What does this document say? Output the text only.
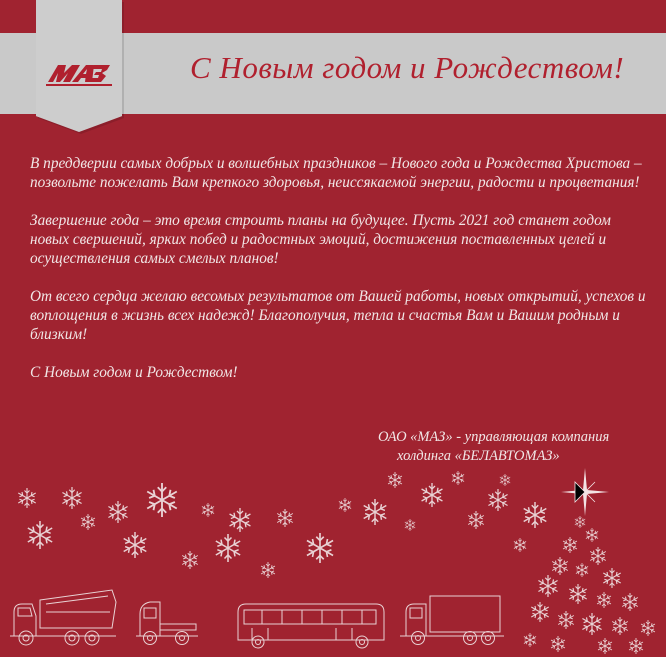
С Новым годом и Рождеством!

В преддверии самых добрых и волшебных праздников – Нового года и Рождества Христова – позвольте пожелать Вам крепкого здоровья, неиссякаемой энергии, радости и процветания!

Завершение года – это время строить планы на будущее. Пусть 2021 год станет годом новых свершений, ярких побед и радостных эмоций, достижения поставленных целей и осуществления самых смелых планов!

От всего сердца желаю весомых результатов от Вашей работы, новых открытий, успехов и воплощения в жизнь всех надежд! Благополучия, тепла и счастья Вам и Вашим родным и близким!

С Новым годом и Рождеством!

ОАО «МАЗ» - управляющая компания
холдинга «БЕЛАВТОМАЗ»
